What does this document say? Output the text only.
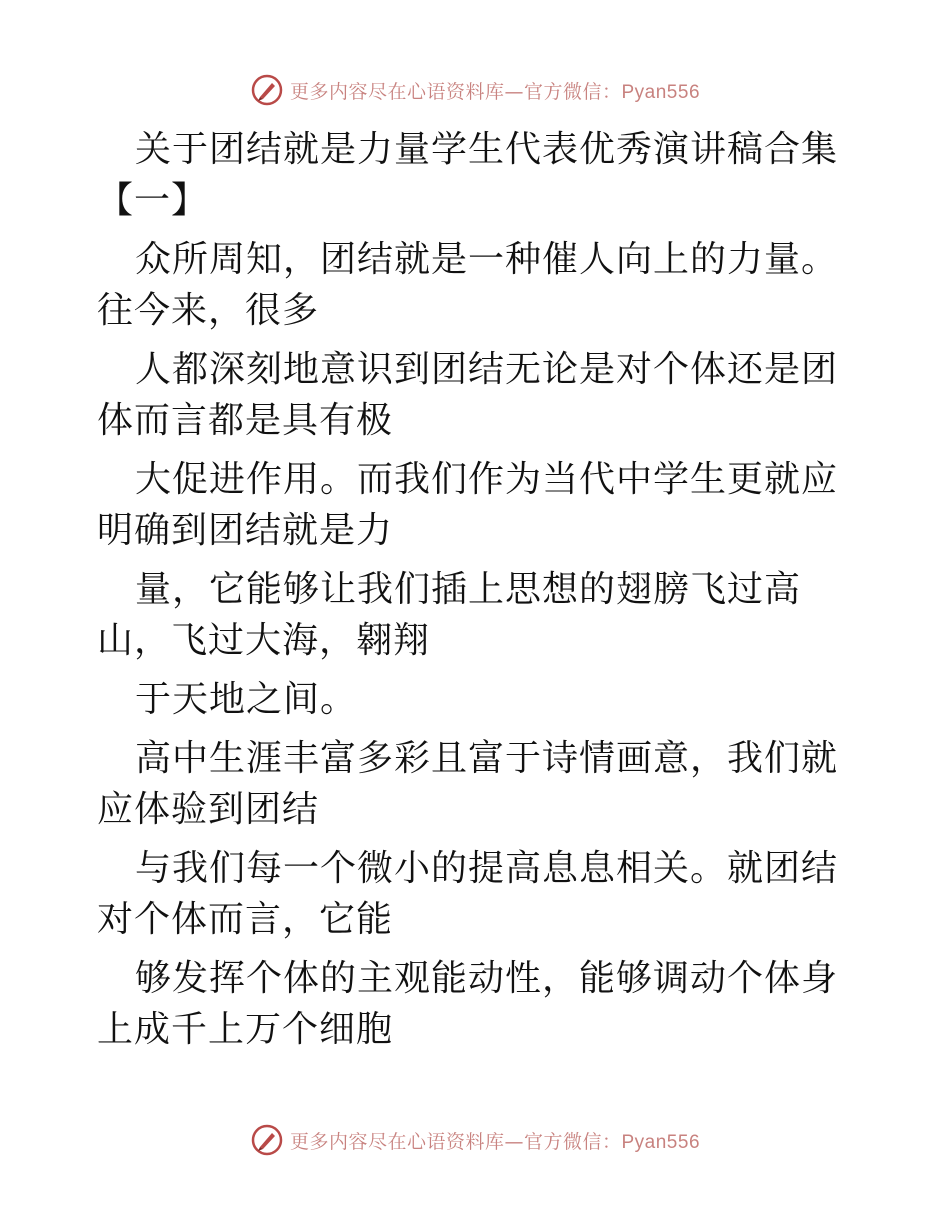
更多内容尽在心语资料库—官方微信：Pyan556

关于团结就是力量学生代表优秀演讲稿合集【一】

众所周知，团结就是一种催人向上的力量。往今来，很多

人都深刻地意识到团结无论是对个体还是团体而言都是具有极

大促进作用。而我们作为当代中学生更就应明确到团结就是力

量，它能够让我们插上思想的翅膀飞过高山，飞过大海，翱翔

于天地之间。

高中生涯丰富多彩且富于诗情画意，我们就应体验到团结

与我们每一个微小的提高息息相关。就团结对个体而言，它能

够发挥个体的主观能动性，能够调动个体身上成千上万个细胞

更多内容尽在心语资料库—官方微信：Pyan556
